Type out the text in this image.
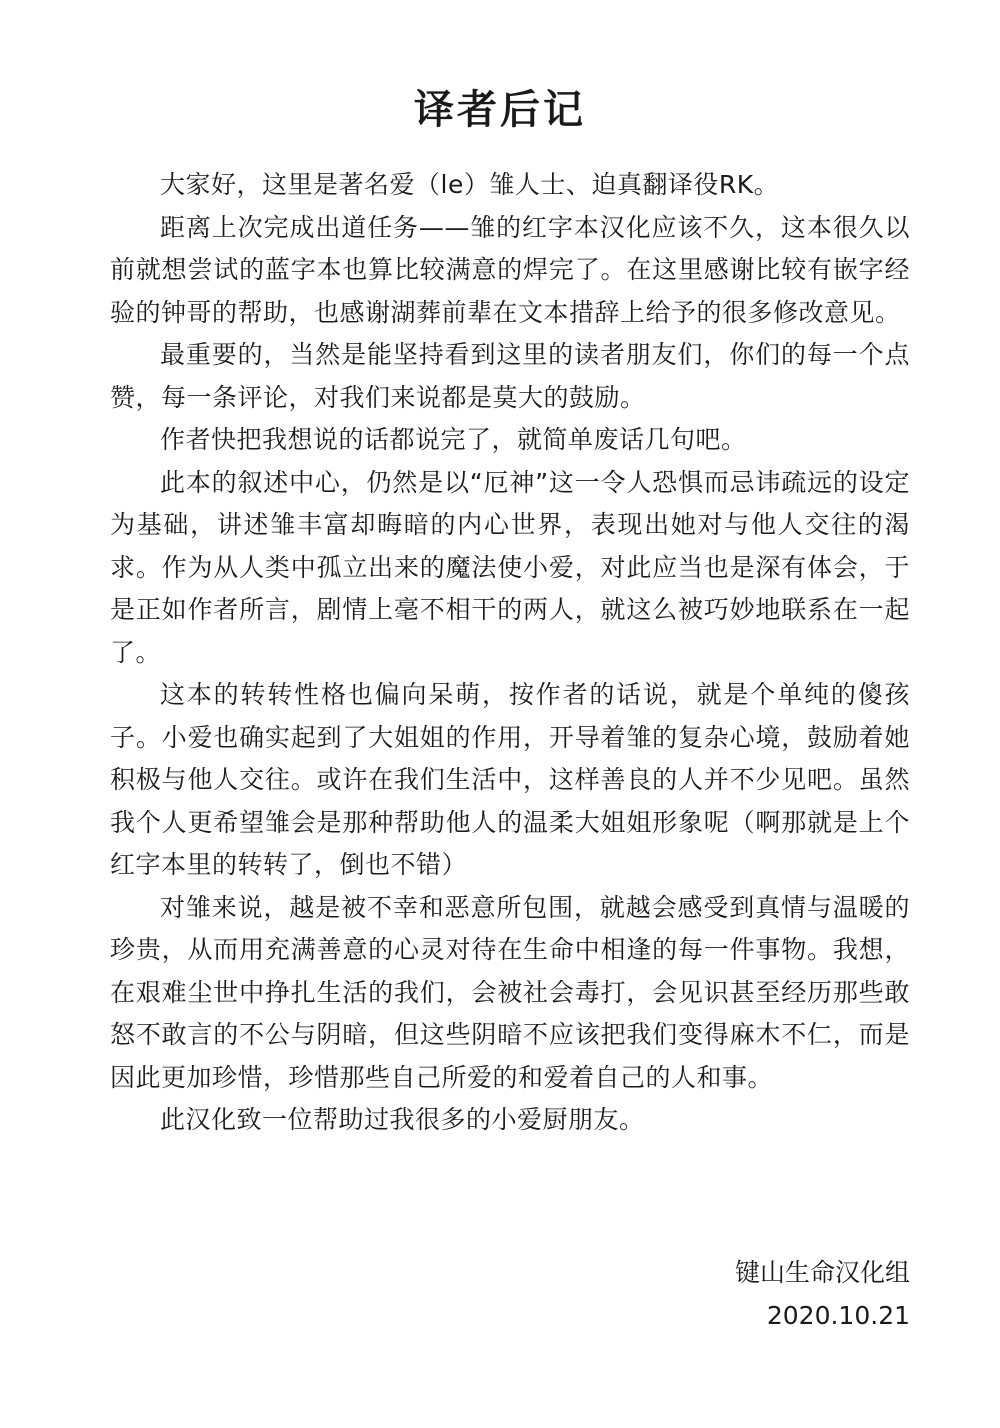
译者后记

大家好，这里是著名爱（le）雏人士、迫真翻译役RK。

距离上次完成出道任务——雏的红字本汉化应该不久，这本很久以前就想尝试的蓝字本也算比较满意的焊完了。在这里感谢比较有嵌字经验的钟哥的帮助，也感谢湖葬前辈在文本措辞上给予的很多修改意见。

最重要的，当然是能坚持看到这里的读者朋友们，你们的每一个点赞，每一条评论，对我们来说都是莫大的鼓励。

作者快把我想说的话都说完了，就简单废话几句吧。

此本的叙述中心，仍然是以“厄神”这一令人恐惧而忌讳疏远的设定为基础，讲述雏丰富却晦暗的内心世界，表现出她对与他人交往的渴求。作为从人类中孤立出来的魔法使小爱，对此应当也是深有体会，于是正如作者所言，剧情上毫不相干的两人，就这么被巧妙地联系在一起了。

这本的转转性格也偏向呆萌，按作者的话说，就是个单纯的傻孩子。小爱也确实起到了大姐姐的作用，开导着雏的复杂心境，鼓励着她积极与他人交往。或许在我们生活中，这样善良的人并不少见吧。虽然我个人更希望雏会是那种帮助他人的温柔大姐姐形象呢（啊那就是上个红字本里的转转了，倒也不错）

对雏来说，越是被不幸和恶意所包围，就越会感受到真情与温暖的珍贵，从而用充满善意的心灵对待在生命中相逢的每一件事物。我想，在艰难尘世中挣扎生活的我们，会被社会毒打，会见识甚至经历那些敢怒不敢言的不公与阴暗，但这些阴暗不应该把我们变得麻木不仁，而是因此更加珍惜，珍惜那些自己所爱的和爱着自己的人和事。

此汉化致一位帮助过我很多的小爱厨朋友。

键山生命汉化组
2020.10.21
